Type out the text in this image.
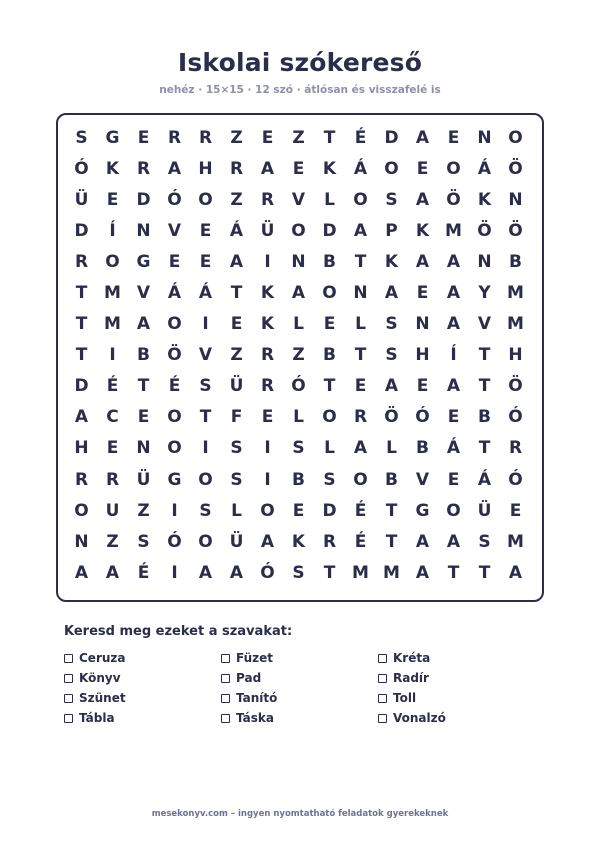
Iskolai szókereső
nehéz · 15×15 · 12 szó · átlósan és visszafelé is
S	G	E	R	R	Z	E	Z	T	É	D	A	E	N O
Ó	K	R	A	H	R	A	E	K	Á	O	E	O	Á	Ö
Ü	E	D Ó O	Z	R	V	L	O	S	A	Ö	K	N
D	Í	N	V	E	Á	Ü O D	A	P	K M Ö Ö
R	O G	E	E	A	I	N	B	T	K	A	A	N	B
T M V	Á	Á	T	K	A	O N	A	E	A	Y M
T M A	O	I	E	K	L	E	L	S	N	A	V M
T	I	B	Ö	V	Z	R	Z	B	T	S	H	Í	T	H
D	É	T	É	S	Ü	R	Ó	T	E	A	E	A	T	Ö
A	C	E	O	T	F	E	L	O	R	Ö Ó	E	B	Ó
H	E	N O	I	S	I	S	L	A	L	B	Á	T	R
R	R	Ü	G O	S	I	B	S	O	B	V	E	Á	Ó
O U	Z	I	S	L	O	E	D	É	T	G O Ü	E
N	Z	S	Ó O Ü	A	K	R	É	T	A	A	S M
A	A	É	I	A	A	Ó	S	T M M A	T	T	A
Keresd meg ezeket a szavakat:
Ceruza	Füzet	Kréta
Könyv	Pad	Radír
Szünet	Tanító	Toll
Tábla	Táska	Vonalzó
mesekonyv.com – ingyen nyomtatható feladatok gyerekeknek
